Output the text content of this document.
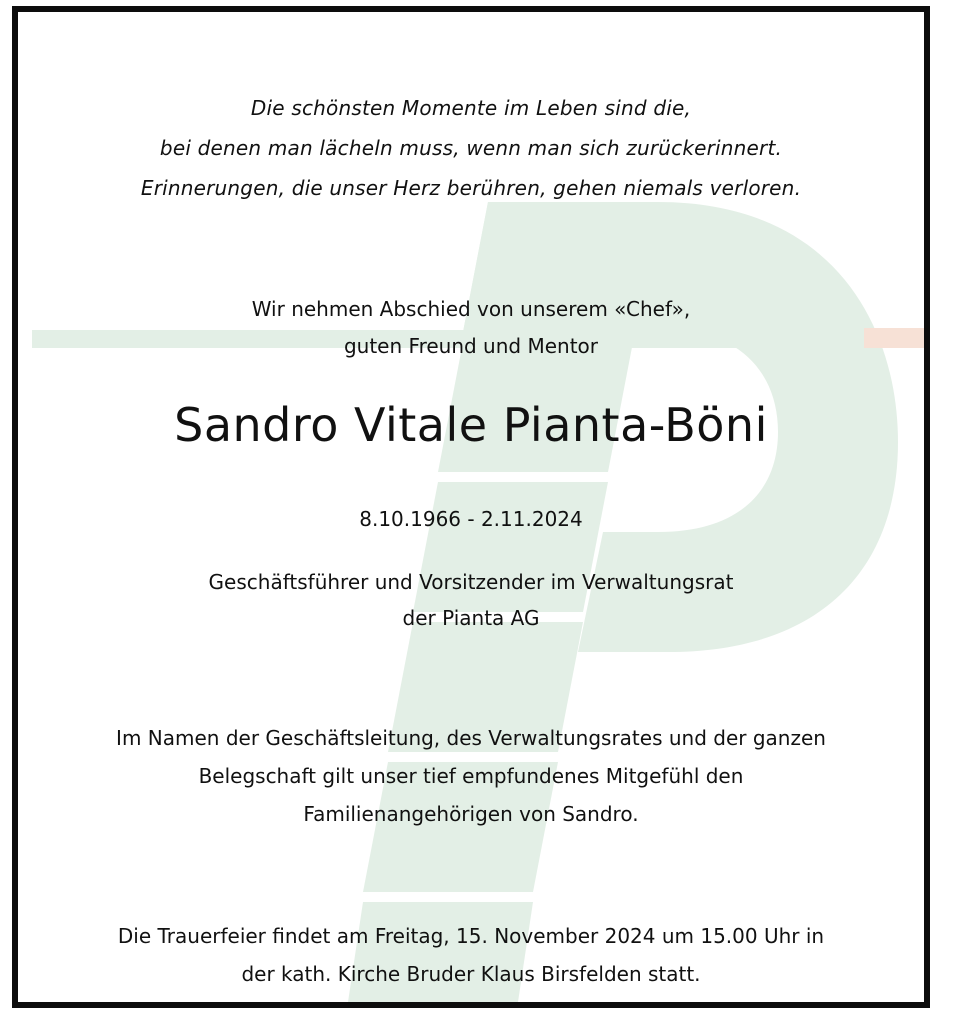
Die schönsten Momente im Leben sind die,
bei denen man lächeln muss, wenn man sich zurückerinnert.
Erinnerungen, die unser Herz berühren, gehen niemals verloren.
Wir nehmen Abschied von unserem «Chef»,
guten Freund und Mentor
Sandro Vitale Pianta-Böni
8.10.1966 - 2.11.2024
Geschäftsführer und Vorsitzender im Verwaltungsrat
der Pianta AG
Im Namen der Geschäftsleitung, des Verwaltungsrates und der ganzen
Belegschaft gilt unser tief empfundenes Mitgefühl den
Familienangehörigen von Sandro.
Die Trauerfeier findet am Freitag, 15. November 2024 um 15.00 Uhr in
der kath. Kirche Bruder Klaus Birsfelden statt.
